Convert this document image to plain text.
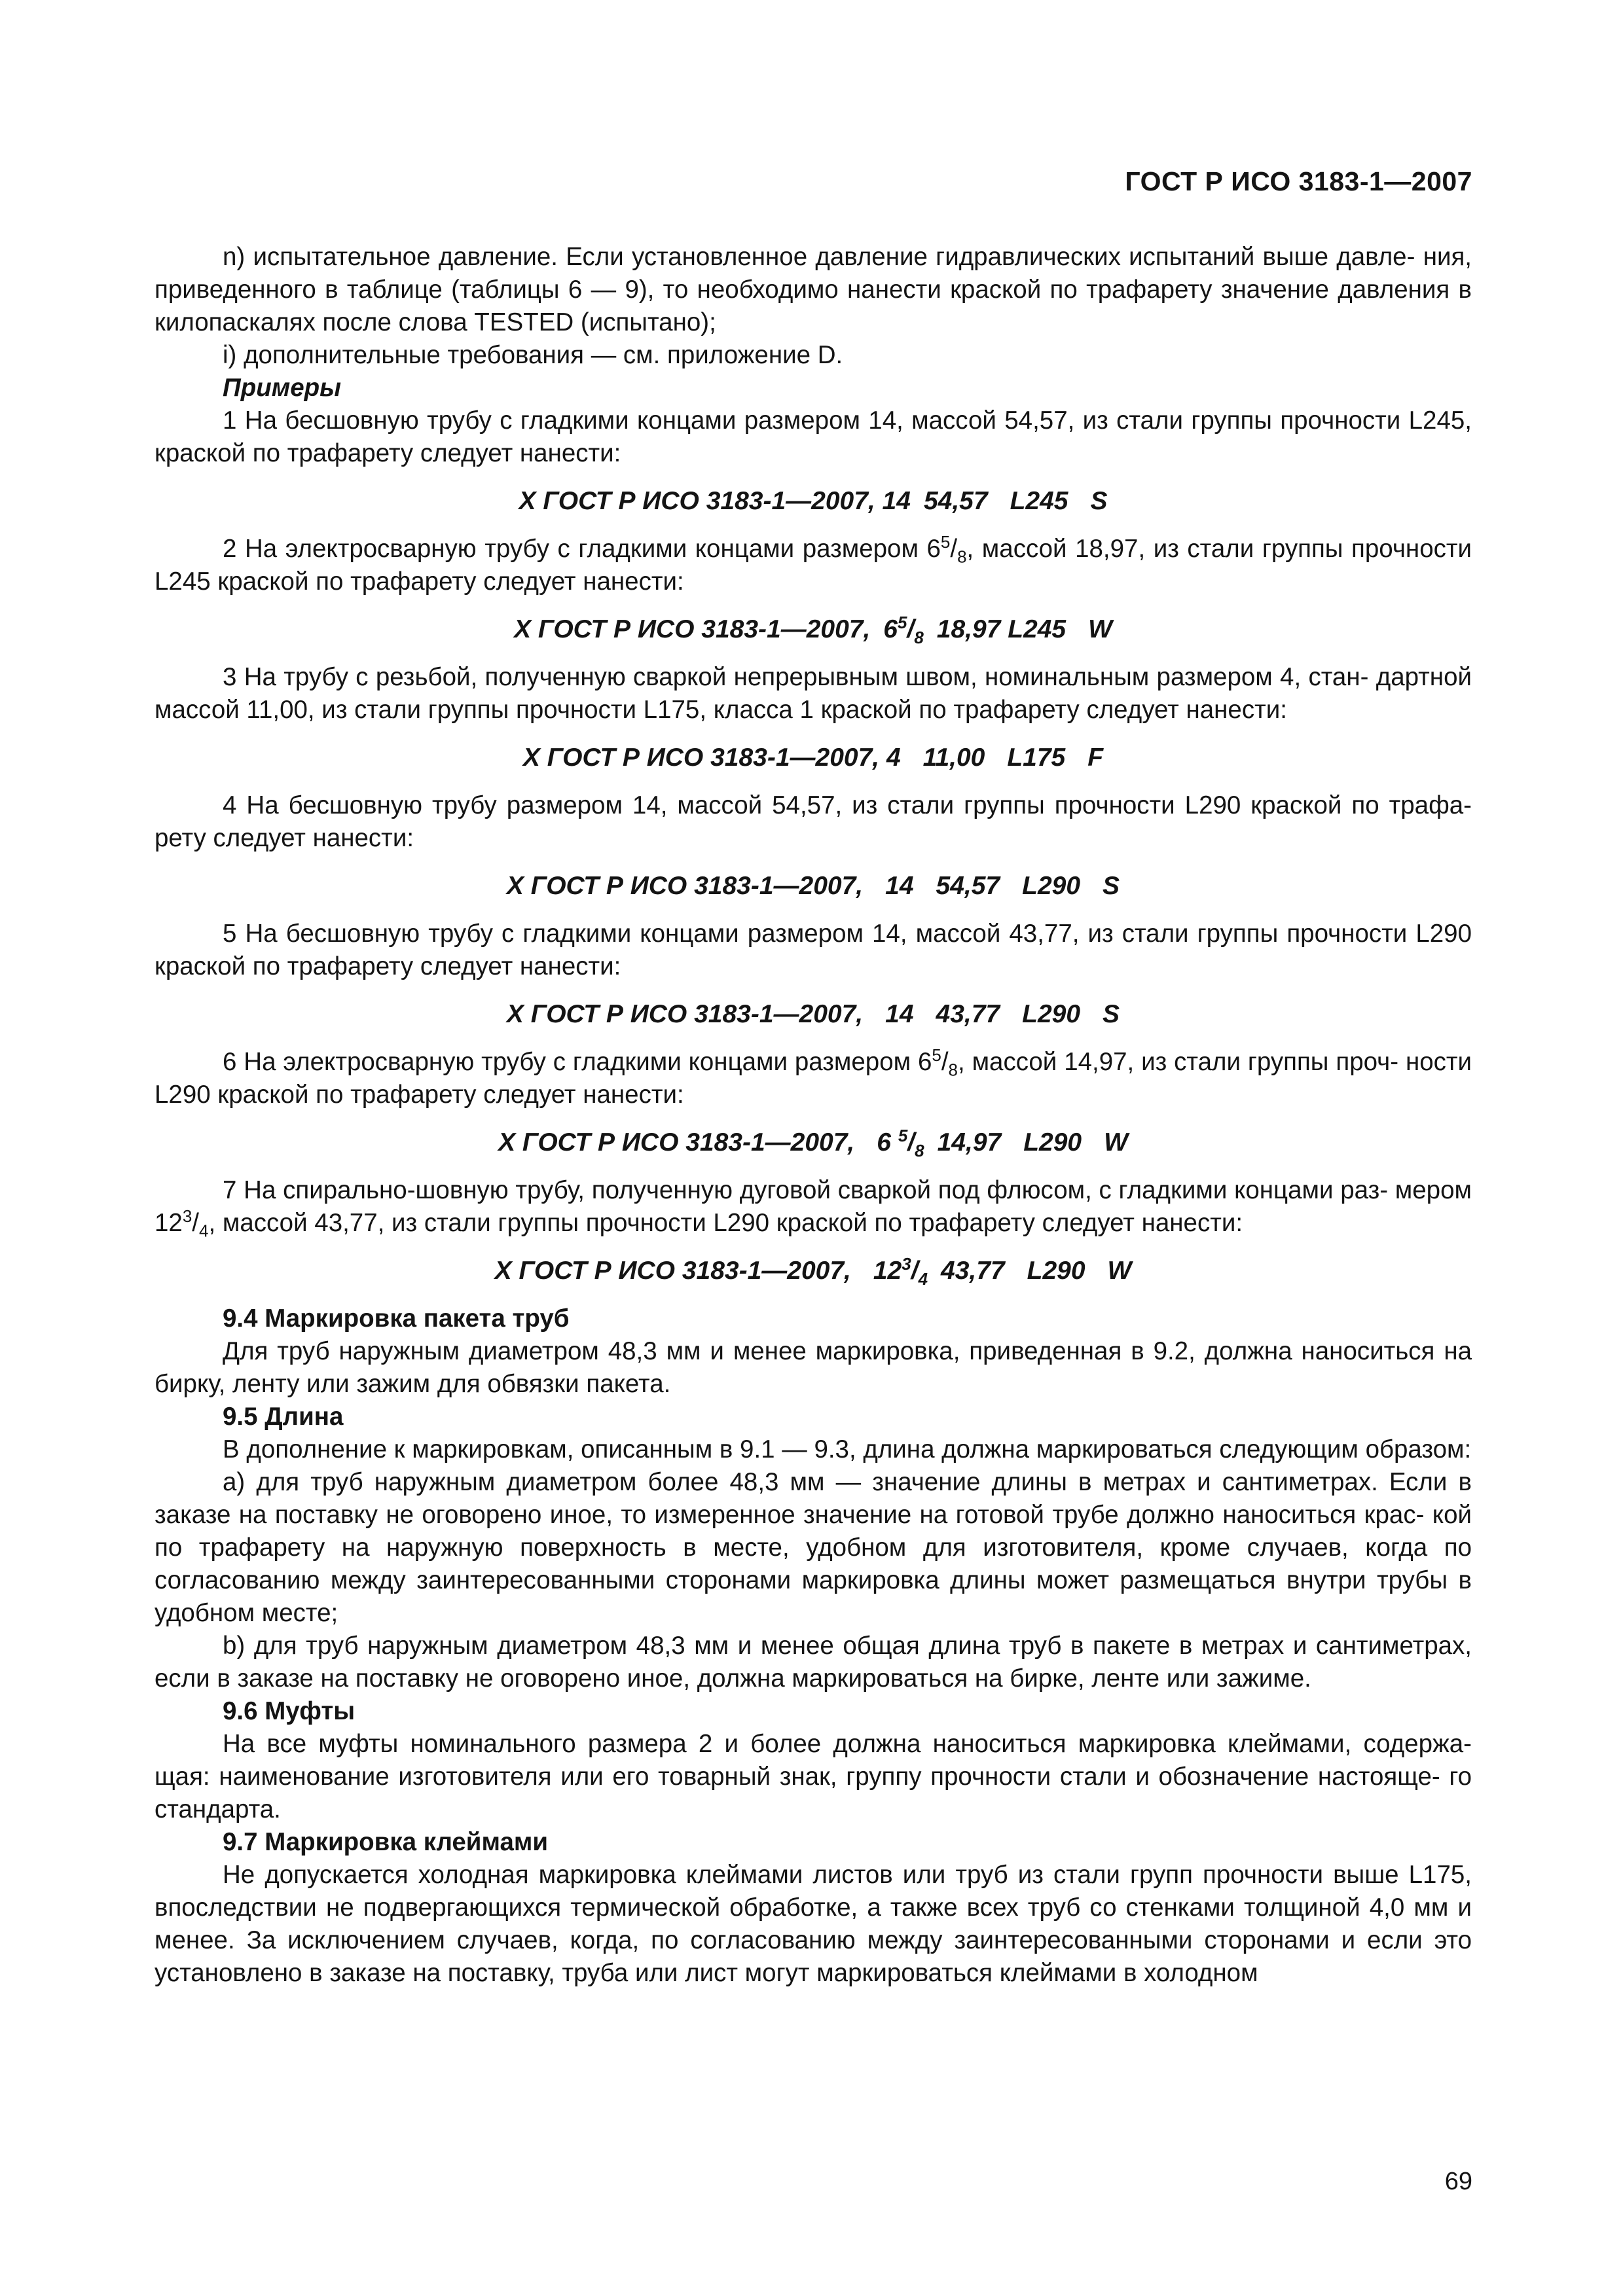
ГОСТ Р ИСО 3183-1—2007

n) испытательное давление. Если установленное давление гидравлических испытаний выше давле- ния, приведенного в таблице (таблицы 6 — 9), то необходимо нанести краской по трафарету значение давления в килопаскалях после слова TESTED (испытано);

i) дополнительные требования — см. приложение D.

Примеры

1 На бесшовную трубу с гладкими концами размером 14, массой 54,57, из стали группы прочности L245, краской по трафарету следует нанести:

Х ГОСТ Р ИСО 3183-1—2007, 14 54,57 L245 S

2 На электросварную трубу с гладкими концами размером $6^5/_8$, массой 18,97, из стали группы прочности L245 краской по трафарету следует нанести:

Х ГОСТ Р ИСО 3183-1—2007, $6^5/_8$ 18,97 L245 W

3 На трубу с резьбой, полученную сваркой непрерывным швом, номинальным размером 4, стан- дартной массой 11,00, из стали группы прочности L175, класса 1 краской по трафарету следует нанести:

Х ГОСТ Р ИСО 3183-1—2007, 4 11,00 L175 F

4 На бесшовную трубу размером 14, массой 54,57, из стали группы прочности L290 краской по трафа- рету следует нанести:

Х ГОСТ Р ИСО 3183-1—2007, 14 54,57 L290 S

5 На бесшовную трубу с гладкими концами размером 14, массой 43,77, из стали группы прочности L290 краской по трафарету следует нанести:

Х ГОСТ Р ИСО 3183-1—2007, 14 43,77 L290 S

6 На электросварную трубу с гладкими концами размером $6^5/_8$, массой 14,97, из стали группы проч- ности L290 краской по трафарету следует нанести:

Х ГОСТ Р ИСО 3183-1—2007, 6 $^5/_8$ 14,97 L290 W

7 На спирально-шовную трубу, полученную дуговой сваркой под флюсом, с гладкими концами раз- мером $12^3/_4$, массой 43,77, из стали группы прочности L290 краской по трафарету следует нанести:

Х ГОСТ Р ИСО 3183-1—2007, $12^3/_4$ 43,77 L290 W

9.4 Маркировка пакета труб

Для труб наружным диаметром 48,3 мм и менее маркировка, приведенная в 9.2, должна наноситься на бирку, ленту или зажим для обвязки пакета.

9.5 Длина

В дополнение к маркировкам, описанным в 9.1 — 9.3, длина должна маркироваться следующим образом:

а) для труб наружным диаметром более 48,3 мм — значение длины в метрах и сантиметрах. Если в заказе на поставку не оговорено иное, то измеренное значение на готовой трубе должно наноситься крас- кой по трафарету на наружную поверхность в месте, удобном для изготовителя, кроме случаев, когда по согласованию между заинтересованными сторонами маркировка длины может размещаться внутри трубы в удобном месте;

b) для труб наружным диаметром 48,3 мм и менее общая длина труб в пакете в метрах и сантиметрах, если в заказе на поставку не оговорено иное, должна маркироваться на бирке, ленте или зажиме.

9.6 Муфты

На все муфты номинального размера 2 и более должна наноситься маркировка клеймами, содержа- щая: наименование изготовителя или его товарный знак, группу прочности стали и обозначение настояще- го стандарта.

9.7 Маркировка клеймами

Не допускается холодная маркировка клеймами листов или труб из стали групп прочности выше L175, впоследствии не подвергающихся термической обработке, а также всех труб со стенками толщиной 4,0 мм и менее. За исключением случаев, когда, по согласованию между заинтересованными сторонами и если это установлено в заказе на поставку, труба или лист могут маркироваться клеймами в холодном

69
